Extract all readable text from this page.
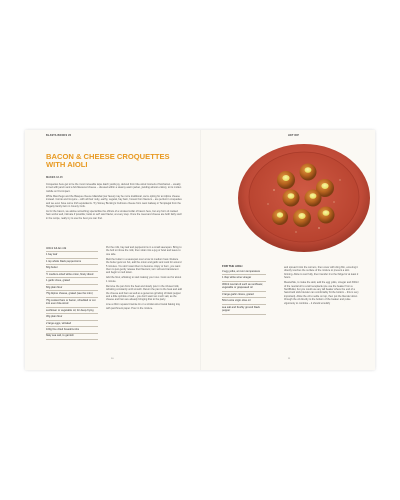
BLASTA BOOKS #6
BACON & CHEESE CROQUETTES WITH AIOLI
MAKES 12-15

Croquettes here get to be the most moveable tapa. Each yields joy, derived from bite-sized morsels of béchamel – usually in bed with jamón and a full-flavoured cheese – dressed within a steamy-warm jacket, yielding almost entirely, to its molten middle on first impact.

While Manchego and the Basque cheese Idiazabal (our faves) may be more traditional, we're opting for an Alpine cheese instead. Comté and Gruyère – with all their nutty, earthy, vegetal, hay barn, honest from flavours – are perfect in croquettes and we even have some Irish equivalents. Try Stoney Bunting's Cuilmore cheese from west Galway or Templegal from the Hegarty family farm in County Cork.

As for the bacon, we advise something special like the offcuts of a smoked collar of bacon here, but any form of cooked ham works well, intimate if possible; looks to self' said Xavier, at every step. Once the meat and cheese are both fairly swirl in the recipe, really try to use the best you can find.

400ml full-fat milk
1 bay leaf
1 tsp whole black peppercorns
60g butter
½ medium-sized white onion, finely diced
1 garlic clove, grated
60g plain flour
75g Alpine cheese, grated (see the intro)
75g cooked ham or bacon, shredded or cut into even bite-sized
sunflower or vegetable oil, for deep-frying
30g plain flour
2 large eggs, whisked
100g fine dried breadcrumbs
flaky sea salt, to garnish

Put the milk, bay leaf and peppercorns in a small saucepan. Bring to the boil to infuse the milk, then strain into a jug or bowl and leave to one side.

Melt the butter in a saucepan over a low to medium heat. Reduce the butter gets too hot, add the onion and garlic and cook for around 5 minutes. You don't want them to become crispy or burn, you want them to just gently release their flavours; turn soft and translucent and begin to melt down.

Add the flour, whisking to start making your roux. Cook out for about 1 minute.

Remove the pan from the heat and slowly pour in the infused milk, whisking constantly until smooth. Return the pan to the heat and add the cheese and ham as well as a generous grinding of black pepper and a little sprinkle of salt – you don't want too much salt, as the cheese and ham are already bringing that to the party.

Line a 20cm square brownie tin or a similar-sized metal baking tray with parchment paper. Pour in the mixture.

10
HOT DIP
FOR THE AIOLI
3 egg yolks, at room temperature
1 tbsp white wine vinegar
300ml neutral oil such as sunflower, vegetable or grapeseed oil
3 large garlic cloves, grated
50ml extra virgin olive oil
sea salt and freshly ground black pepper

and spread it into the corners, then cover with cling film, ensuring it directly touches the surface of the mixture to prevent a skin forming. Allow to cool fully, then transfer it to the fridge for at least 2 hours.

Meanwhile, to make the aioli, add the egg yolks, vinegar and 300ml of the neutral oil to a tall receptacle (we use the beaker from a NutriBullet, but you could use any tall beaker where the end of a hand-held stick blender can comfortably hit the bottom – this is very important). Allow the oil to settle on top, then put the blender down through the oil directly to the bottom of the beaker and pulse vigorously to combine – it should emulsify

11
